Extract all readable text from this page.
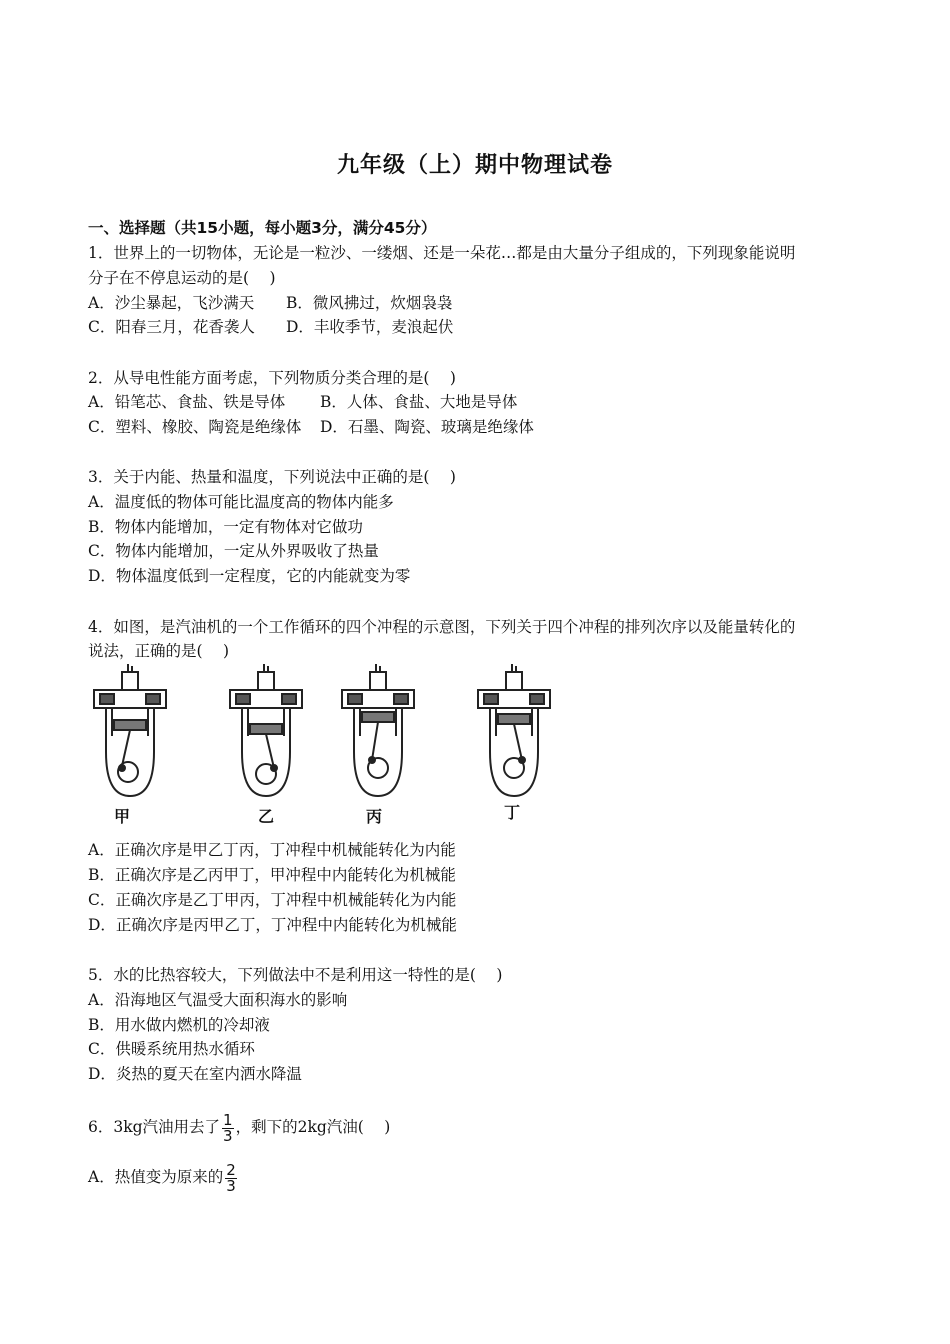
九年级（上）期中物理试卷
一、选择题（共15小题，每小题3分，满分45分）
1．世界上的一切物体，无论是一粒沙、一缕烟、还是一朵花…都是由大量分子组成的，下列现象能说明
分子在不停息运动的是(　 )
A．沙尘暴起，飞沙满天 B．微风拂过，炊烟袅袅
C．阳春三月，花香袭人 D．丰收季节，麦浪起伏
2．从导电性能方面考虑，下列物质分类合理的是(　 )
A．铅笔芯、食盐、铁是导体 B．人体、食盐、大地是导体
C．塑料、橡胶、陶瓷是绝缘体 D．石墨、陶瓷、玻璃是绝缘体
3．关于内能、热量和温度，下列说法中正确的是(　 )
A．温度低的物体可能比温度高的物体内能多
B．物体内能增加，一定有物体对它做功
C．物体内能增加，一定从外界吸收了热量
D．物体温度低到一定程度，它的内能就变为零
4．如图，是汽油机的一个工作循环的四个冲程的示意图，下列关于四个冲程的排列次序以及能量转化的
说法，正确的是(　 )
甲	乙	丙	丁
A．正确次序是甲乙丁丙，丁冲程中机械能转化为内能
B．正确次序是乙丙甲丁，甲冲程中内能转化为机械能
C．正确次序是乙丁甲丙，丁冲程中机械能转化为内能
D．正确次序是丙甲乙丁，丁冲程中内能转化为机械能
5．水的比热容较大，下列做法中不是利用这一特性的是(　 )
A．沿海地区气温受大面积海水的影响
B．用水做内燃机的冷却液
C．供暖系统用热水循环
D．炎热的夏天在室内洒水降温
6．3kg汽油用去了 $\frac{1}{3}$ ，剩下的2kg汽油(　 )
A．热值变为原来的 $\frac{2}{3}$
